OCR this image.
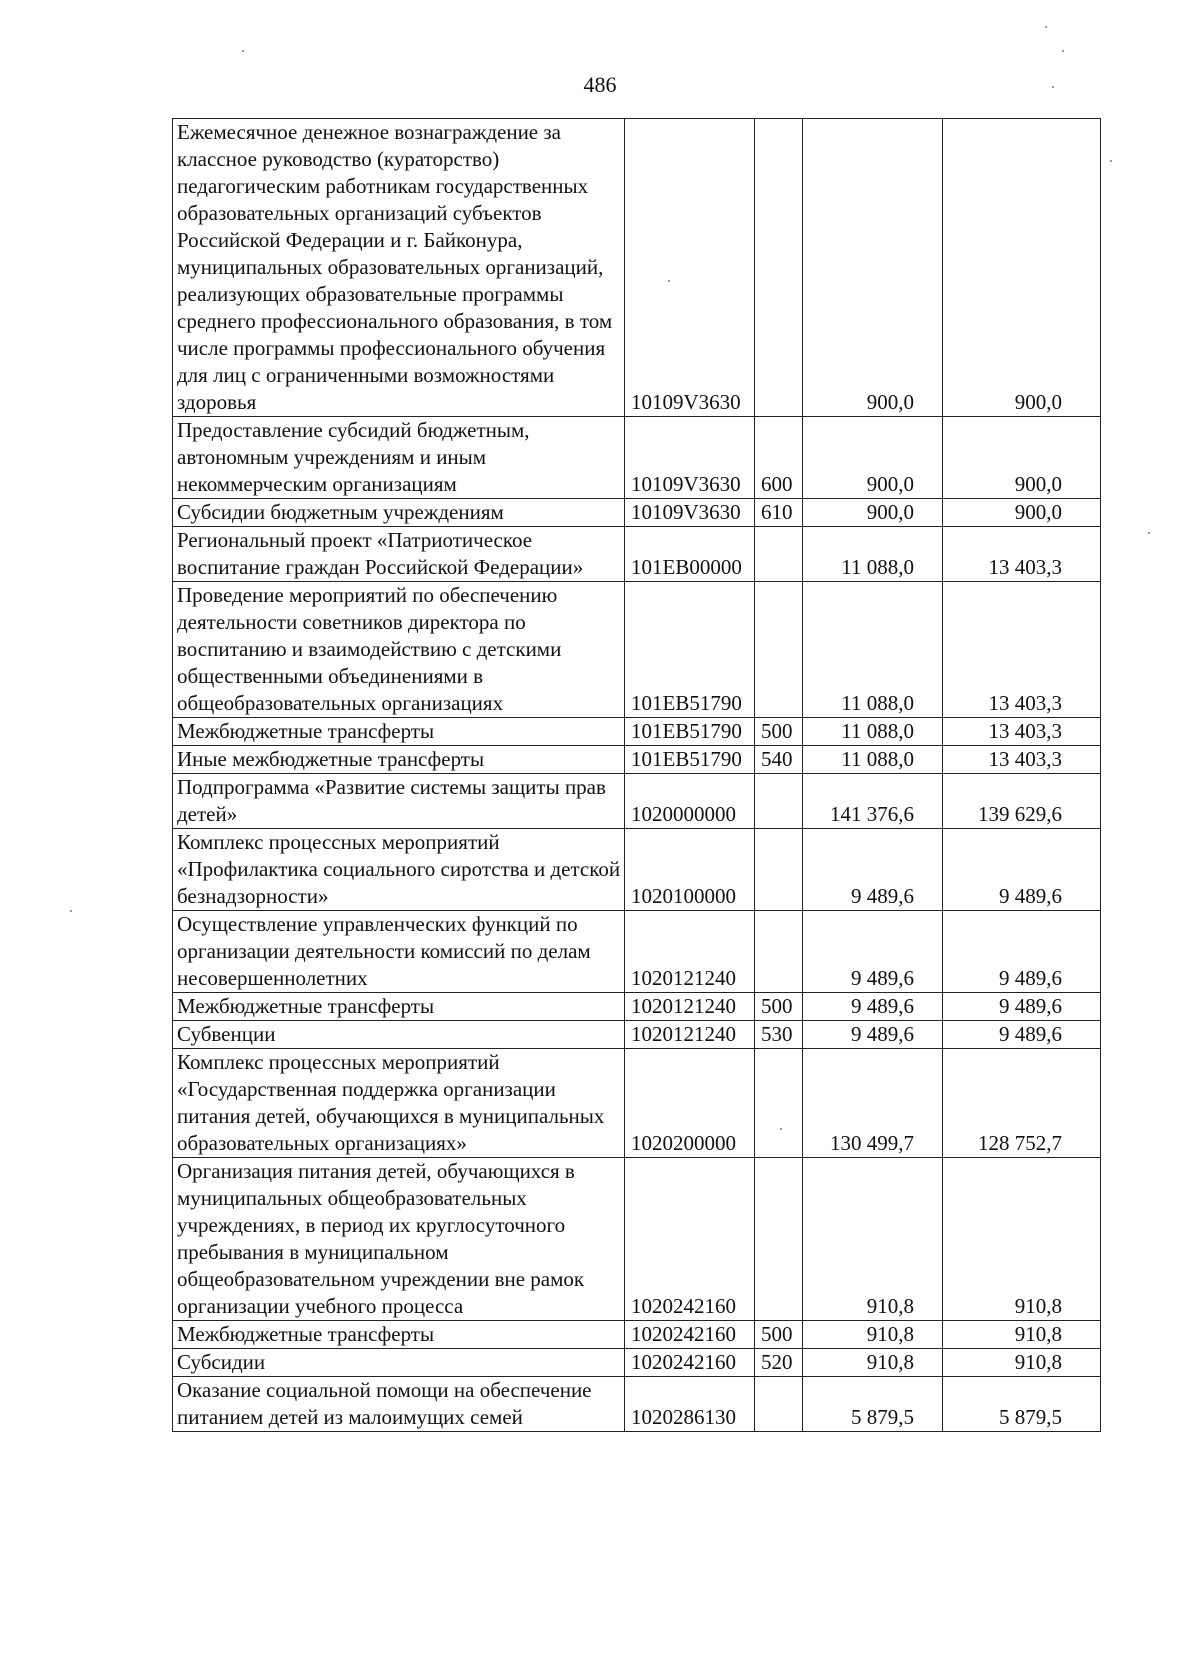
486
Ежемесячное денежное вознаграждение за классное руководство (кураторство) педагогическим работникам государственных образовательных организаций субъектов Российской Федерации и г. Байконура, муниципальных образовательных организаций, реализующих образовательные программы среднего профессионального образования, в том числе программы профессионального обучения для лиц с ограниченными возможностями здоровья	10109V3630		900,0	900,0
Предоставление субсидий бюджетным, автономным учреждениям и иным некоммерческим организациям	10109V3630	600	900,0	900,0
Субсидии бюджетным учреждениям	10109V3630	610	900,0	900,0
Региональный проект «Патриотическое воспитание граждан Российской Федерации»	101EB00000		11 088,0	13 403,3
Проведение мероприятий по обеспечению деятельности советников директора по воспитанию и взаимодействию с детскими общественными объединениями в общеобразовательных организациях	101EB51790		11 088,0	13 403,3
Межбюджетные трансферты	101EB51790	500	11 088,0	13 403,3
Иные межбюджетные трансферты	101EB51790	540	11 088,0	13 403,3
Подпрограмма «Развитие системы защиты прав детей»	1020000000		141 376,6	139 629,6
Комплекс процессных мероприятий «Профилактика социального сиротства и детской безнадзорности»	1020100000		9 489,6	9 489,6
Осуществление управленческих функций по организации деятельности комиссий по делам несовершеннолетних	1020121240		9 489,6	9 489,6
Межбюджетные трансферты	1020121240	500	9 489,6	9 489,6
Субвенции	1020121240	530	9 489,6	9 489,6
Комплекс процессных мероприятий «Государственная поддержка организации питания детей, обучающихся в муниципальных образовательных организациях»	1020200000		130 499,7	128 752,7
Организация питания детей, обучающихся в муниципальных общеобразовательных учреждениях, в период их круглосуточного пребывания в муниципальном общеобразовательном учреждении вне рамок организации учебного процесса	1020242160		910,8	910,8
Межбюджетные трансферты	1020242160	500	910,8	910,8
Субсидии	1020242160	520	910,8	910,8
Оказание социальной помощи на обеспечение питанием детей из малоимущих семей	1020286130		5 879,5	5 879,5
